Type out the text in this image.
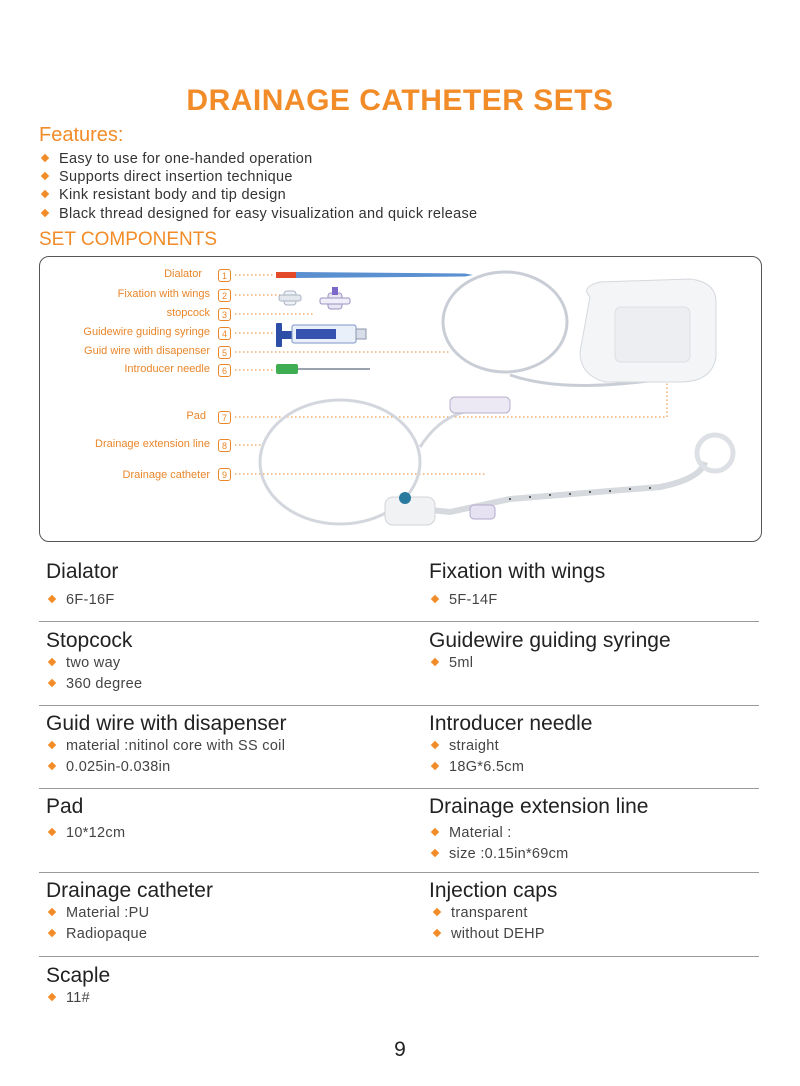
DRAINAGE CATHETER SETS
Features:
Easy to use for one-handed operation
Supports direct insertion technique
Kink resistant body and tip design
Black thread designed for easy visualization and quick release
SET COMPONENTS
Dialator	1
Fixation with wings	2
stopcock	3
Guidewire guiding syringe	4
Guid wire with disapenser	5
Introducer needle	6
Pad	7
Drainage extension line	8
Drainage catheter	9
Dialator
6F-16F
Fixation with wings
5F-14F
Stopcock
two way
360 degree
Guidewire guiding syringe
5ml
Guid wire with disapenser
material :nitinol core with SS coil
0.025in-0.038in
Introducer needle
straight
18G*6.5cm
Pad
10*12cm
Drainage extension line
Material :
size :0.15in*69cm
Drainage catheter
Material :PU
Radiopaque
Injection caps
transparent
without DEHP
Scaple
11#
9
